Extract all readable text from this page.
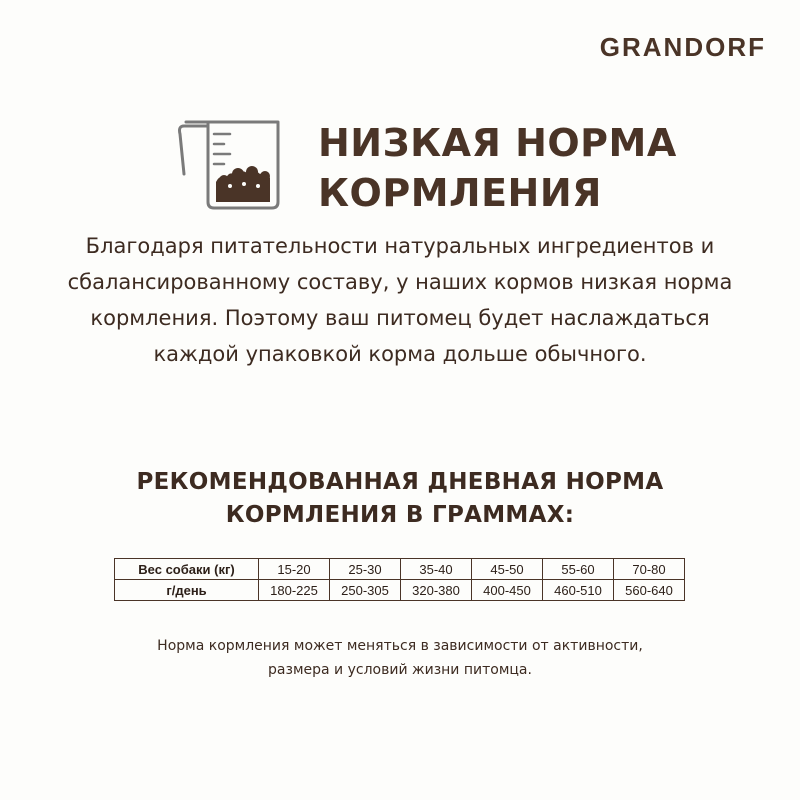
GRANDORF
НИЗКАЯ НОРМА
КОРМЛЕНИЯ
Благодаря питательности натуральных ингредиентов и
сбалансированному составу, у наших кормов низкая норма
кормления. Поэтому ваш питомец будет наслаждаться
каждой упаковкой корма дольше обычного.
РЕКОМЕНДОВАННАЯ ДНЕВНАЯ НОРМА
КОРМЛЕНИЯ В ГРАММАХ:
Вес собаки (кг)	15-20	25-30	35-40	45-50	55-60	70-80
г/день	180-225	250-305	320-380	400-450	460-510	560-640
Норма кормления может меняться в зависимости от активности,
размера и условий жизни питомца.
